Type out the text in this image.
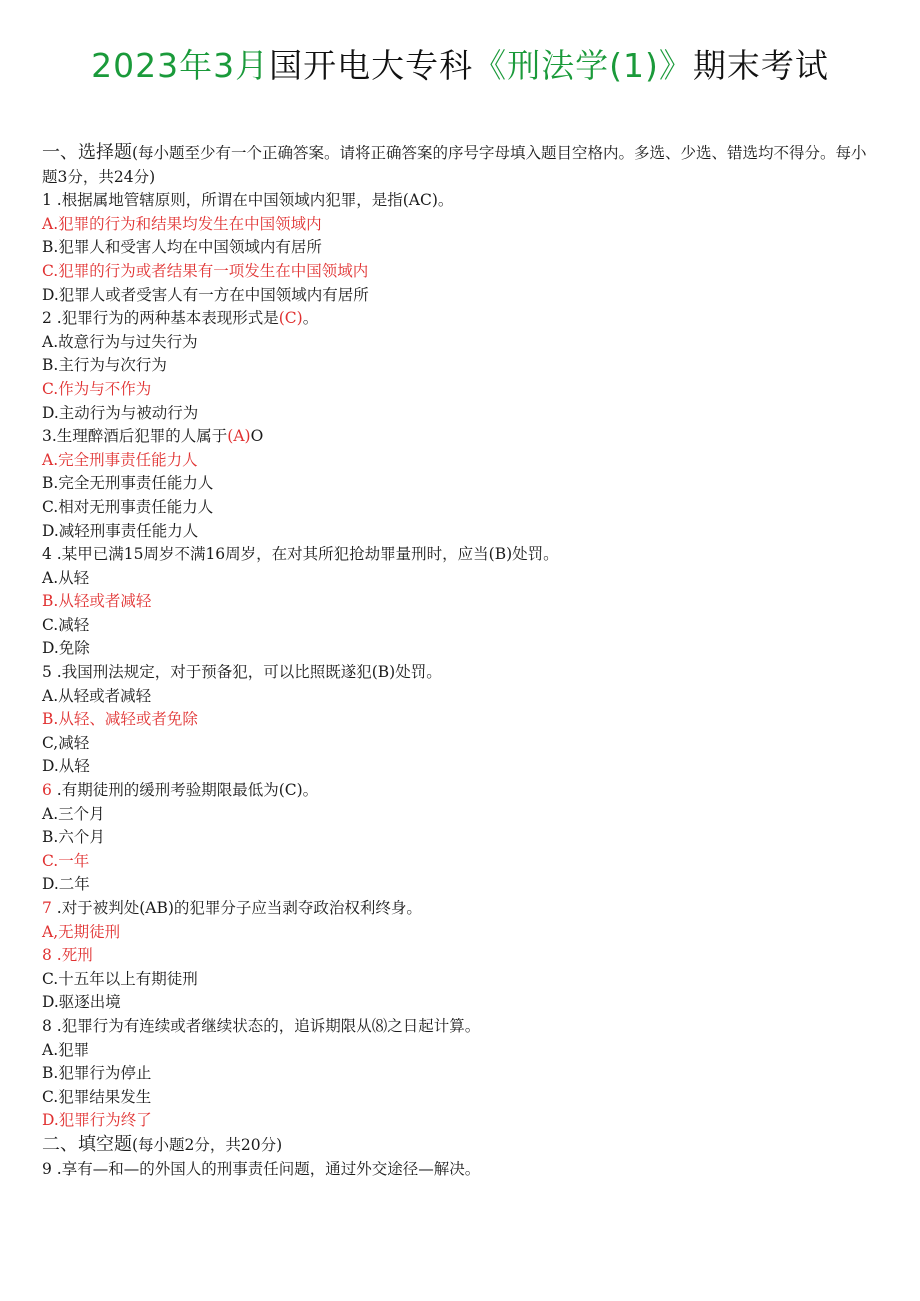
2023年3月国开电大专科《刑法学(1)》期末考试
一、选择题(每小题至少有一个正确答案。请将正确答案的序号字母填入题目空格内。多选、少选、错选均不得分。每小题3分，共24分)
1 .根据属地管辖原则，所谓在中国领域内犯罪，是指(AC)。
A.犯罪的行为和结果均发生在中国领域内
B.犯罪人和受害人均在中国领域内有居所
C.犯罪的行为或者结果有一项发生在中国领域内
D.犯罪人或者受害人有一方在中国领域内有居所
2 .犯罪行为的两种基本表现形式是(C)。
A.故意行为与过失行为
B.主行为与次行为
C.作为与不作为
D.主动行为与被动行为
3.生理醉酒后犯罪的人属于(A)O
A.完全刑事责任能力人
B.完全无刑事责任能力人
C.相对无刑事责任能力人
D.减轻刑事责任能力人
4 .某甲已满15周岁不满16周岁，在对其所犯抢劫罪量刑时，应当(B)处罚。
A.从轻
B.从轻或者减轻
C.减轻
D.免除
5 .我国刑法规定，对于预备犯，可以比照既遂犯(B)处罚。
A.从轻或者减轻
B.从轻、减轻或者免除
C,减轻
D.从轻
6 .有期徒刑的缓刑考验期限最低为(C)。
A.三个月
B.六个月
C.一年
D.二年
7 .对于被判处(AB)的犯罪分子应当剥夺政治权利终身。
A,无期徒刑
8 .死刑
C.十五年以上有期徒刑
D.驱逐出境
8 .犯罪行为有连续或者继续状态的，追诉期限从⑻之日起计算。
A.犯罪
B.犯罪行为停止
C.犯罪结果发生
D.犯罪行为终了
二、填空题(每小题2分，共20分)
9 .享有—和—的外国人的刑事责任问题，通过外交途径—解决。
